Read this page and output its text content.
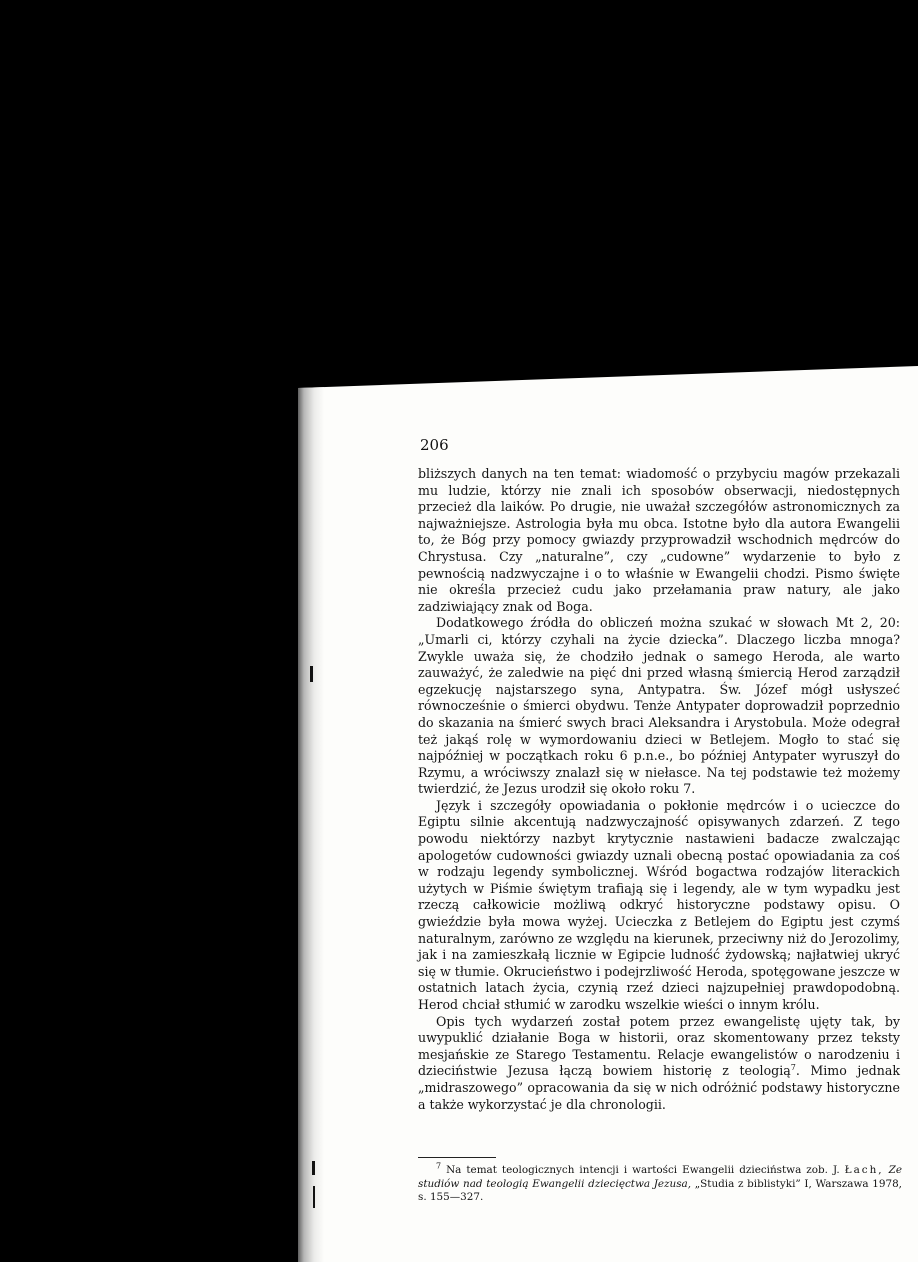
206

bliższych danych na ten temat: wiadomość o przybyciu magów przekazali mu ludzie, którzy nie znali ich sposobów obserwacji, niedostępnych przecież dla laików. Po drugie, nie uważał szczegółów astronomicznych za najważniejsze. Astrologia była mu obca. Istotne było dla autora Ewangelii to, że Bóg przy pomocy gwiazdy przyprowadził wschodnich mędrców do Chrystusa. Czy „naturalne”, czy „cudowne” wydarzenie to było z pewnością nadzwyczajne i o to właśnie w Ewangelii chodzi. Pismo święte nie określa przecież cudu jako przełamania praw natury, ale jako zadziwiający znak od Boga.

Dodatkowego źródła do obliczeń można szukać w słowach Mt 2, 20: „Umarli ci, którzy czyhali na życie dziecka”. Dlaczego liczba mnoga? Zwykle uważa się, że chodziło jednak o samego Heroda, ale warto zauważyć, że zaledwie na pięć dni przed własną śmiercią Herod zarządził egzekucję najstarszego syna, Antypatra. Św. Józef mógł usłyszeć równocześnie o śmierci obydwu. Tenże Antypater doprowadził poprzednio do skazania na śmierć swych braci Aleksandra i Arystobula. Może odegrał też jakąś rolę w wymordowaniu dzieci w Betlejem. Mogło to stać się najpóźniej w początkach roku 6 p.n.e., bo później Antypater wyruszył do Rzymu, a wróciwszy znalazł się w niełasce. Na tej podstawie też możemy twierdzić, że Jezus urodził się około roku 7.

Język i szczegóły opowiadania o pokłonie mędrców i o ucieczce do Egiptu silnie akcentują nadzwyczajność opisywanych zdarzeń. Z tego powodu niektórzy nazbyt krytycznie nastawieni badacze zwalczając apologetów cudowności gwiazdy uznali obecną postać opowiadania za coś w rodzaju legendy symbolicznej. Wśród bogactwa rodzajów literackich użytych w Piśmie świętym trafiają się i legendy, ale w tym wypadku jest rzeczą całkowicie możliwą odkryć historyczne podstawy opisu. O gwieździe była mowa wyżej. Ucieczka z Betlejem do Egiptu jest czymś naturalnym, zarówno ze względu na kierunek, przeciwny niż do Jerozolimy, jak i na zamieszkałą licznie w Egipcie ludność żydowską; najłatwiej ukryć się w tłumie. Okrucieństwo i podejrzliwość Heroda, spotęgowane jeszcze w ostatnich latach życia, czynią rzeź dzieci najzupełniej prawdopodobną. Herod chciał stłumić w zarodku wszelkie wieści o innym królu.

Opis tych wydarzeń został potem przez ewangelistę ujęty tak, by uwypuklić działanie Boga w historii, oraz skomentowany przez teksty mesjańskie ze Starego Testamentu. Relacje ewangelistów o narodzeniu i dzieciństwie Jezusa łączą bowiem historię z teologią$^7$. Mimo jednak „midraszowego” opracowania da się w nich odróżnić podstawy historyczne a także wykorzystać je dla chronologii.

$^7$ Na temat teologicznych intencji i wartości Ewangelii dzieciństwa zob. J. Łach, Ze studiów nad teologią Ewangelii dziecięctwa Jezusa, „Studia z biblistyki” I, Warszawa 1978, s. 155—327.
